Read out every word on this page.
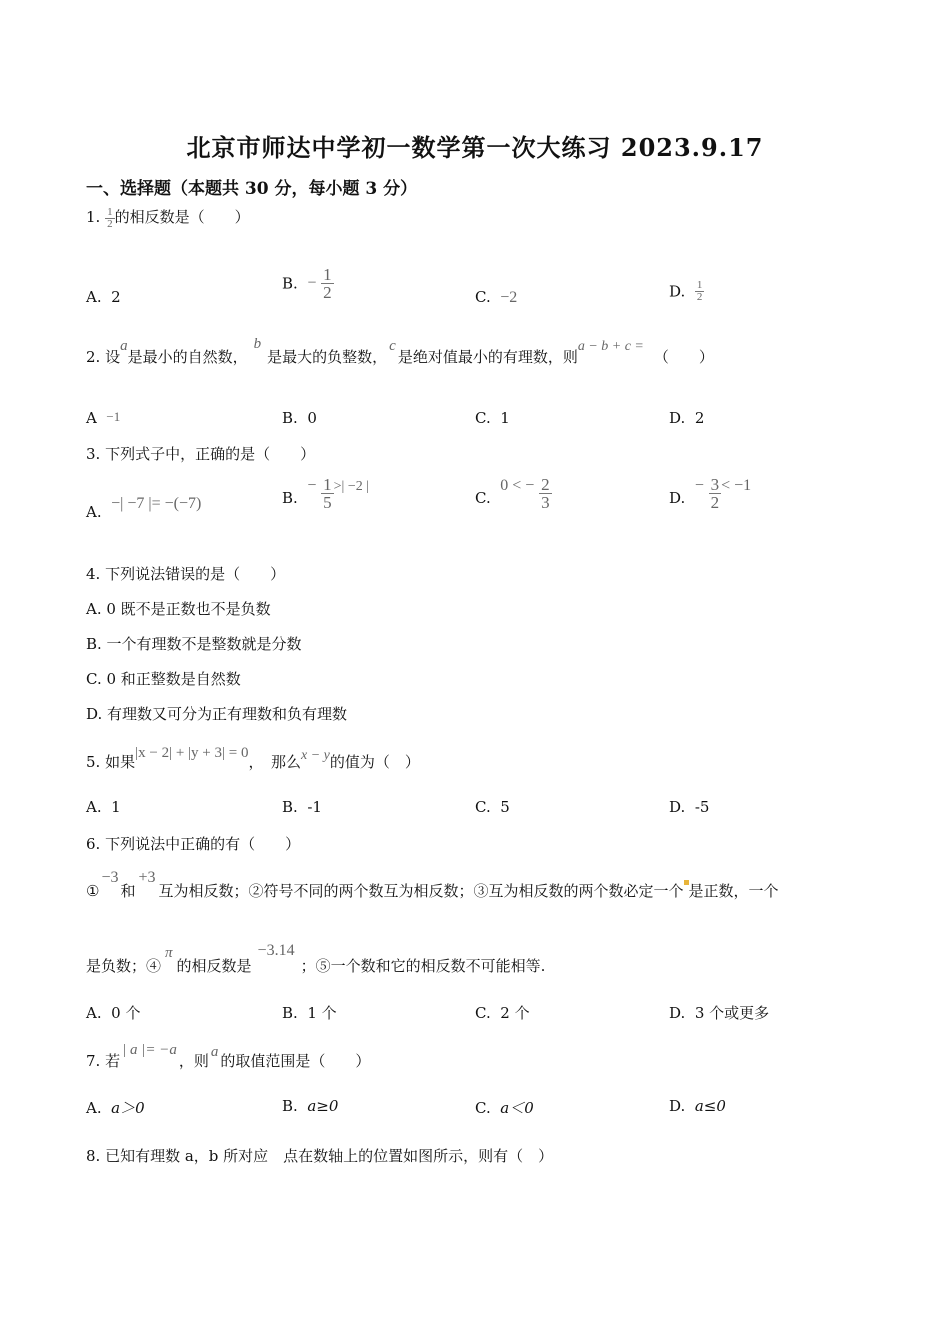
北京市师达中学初一数学第一次大练习 2023.9.17
一、选择题（本题共 30 分，每小题 3 分）
1. $\frac{1}{2}$ 的相反数是（　　）
A. 2
B. − $\frac{1}{2}$	C. −2	D. $\frac{1}{2}$
2. 设a是最小的自然数，b是最大的负整数，c是绝对值最小的有理数，则a − b + c =（　　）
A −1	B. 0	C. 1	D. 2
3. 下列式子中，正确的是（　　）
A. −| −7 |= −(−7)	B.  − $\frac{1}{5}$ >| −2 |
C.  0 < − $\frac{2}{3}$	D.  − $\frac{3}{2} < -1$
4. 下列说法错误的是（　　）
A. 0 既不是正数也不是负数
B. 一个有理数不是整数就是分数
C. 0 和正整数是自然数
D. 有理数又可分为正有理数和负有理数
5. 如果|x − 2| + |y + 3| = 0，　那么x − y的值为（　）
A. 1	B. -1	C. 5	D. -5
6. 下列说法中正确的有（　　）
①−3和+3互为相反数；②符号不同的两个数互为相反数；③互为相反数的两个数必定一个 是正数，一个
是负数；④π的相反数是−3.14；⑤一个数和它的相反数不可能相等.
A. 0 个	B. 1 个	C. 2 个	D. 3 个或更多
7. 若| a |= −a，则 a 的取值范围是（　　）
A. a＞0	B. a≥0	C. a＜0	D. a≤0
8. 已知有理数 a，b 所对应　点在数轴上的位置如图所示，则有（　）
